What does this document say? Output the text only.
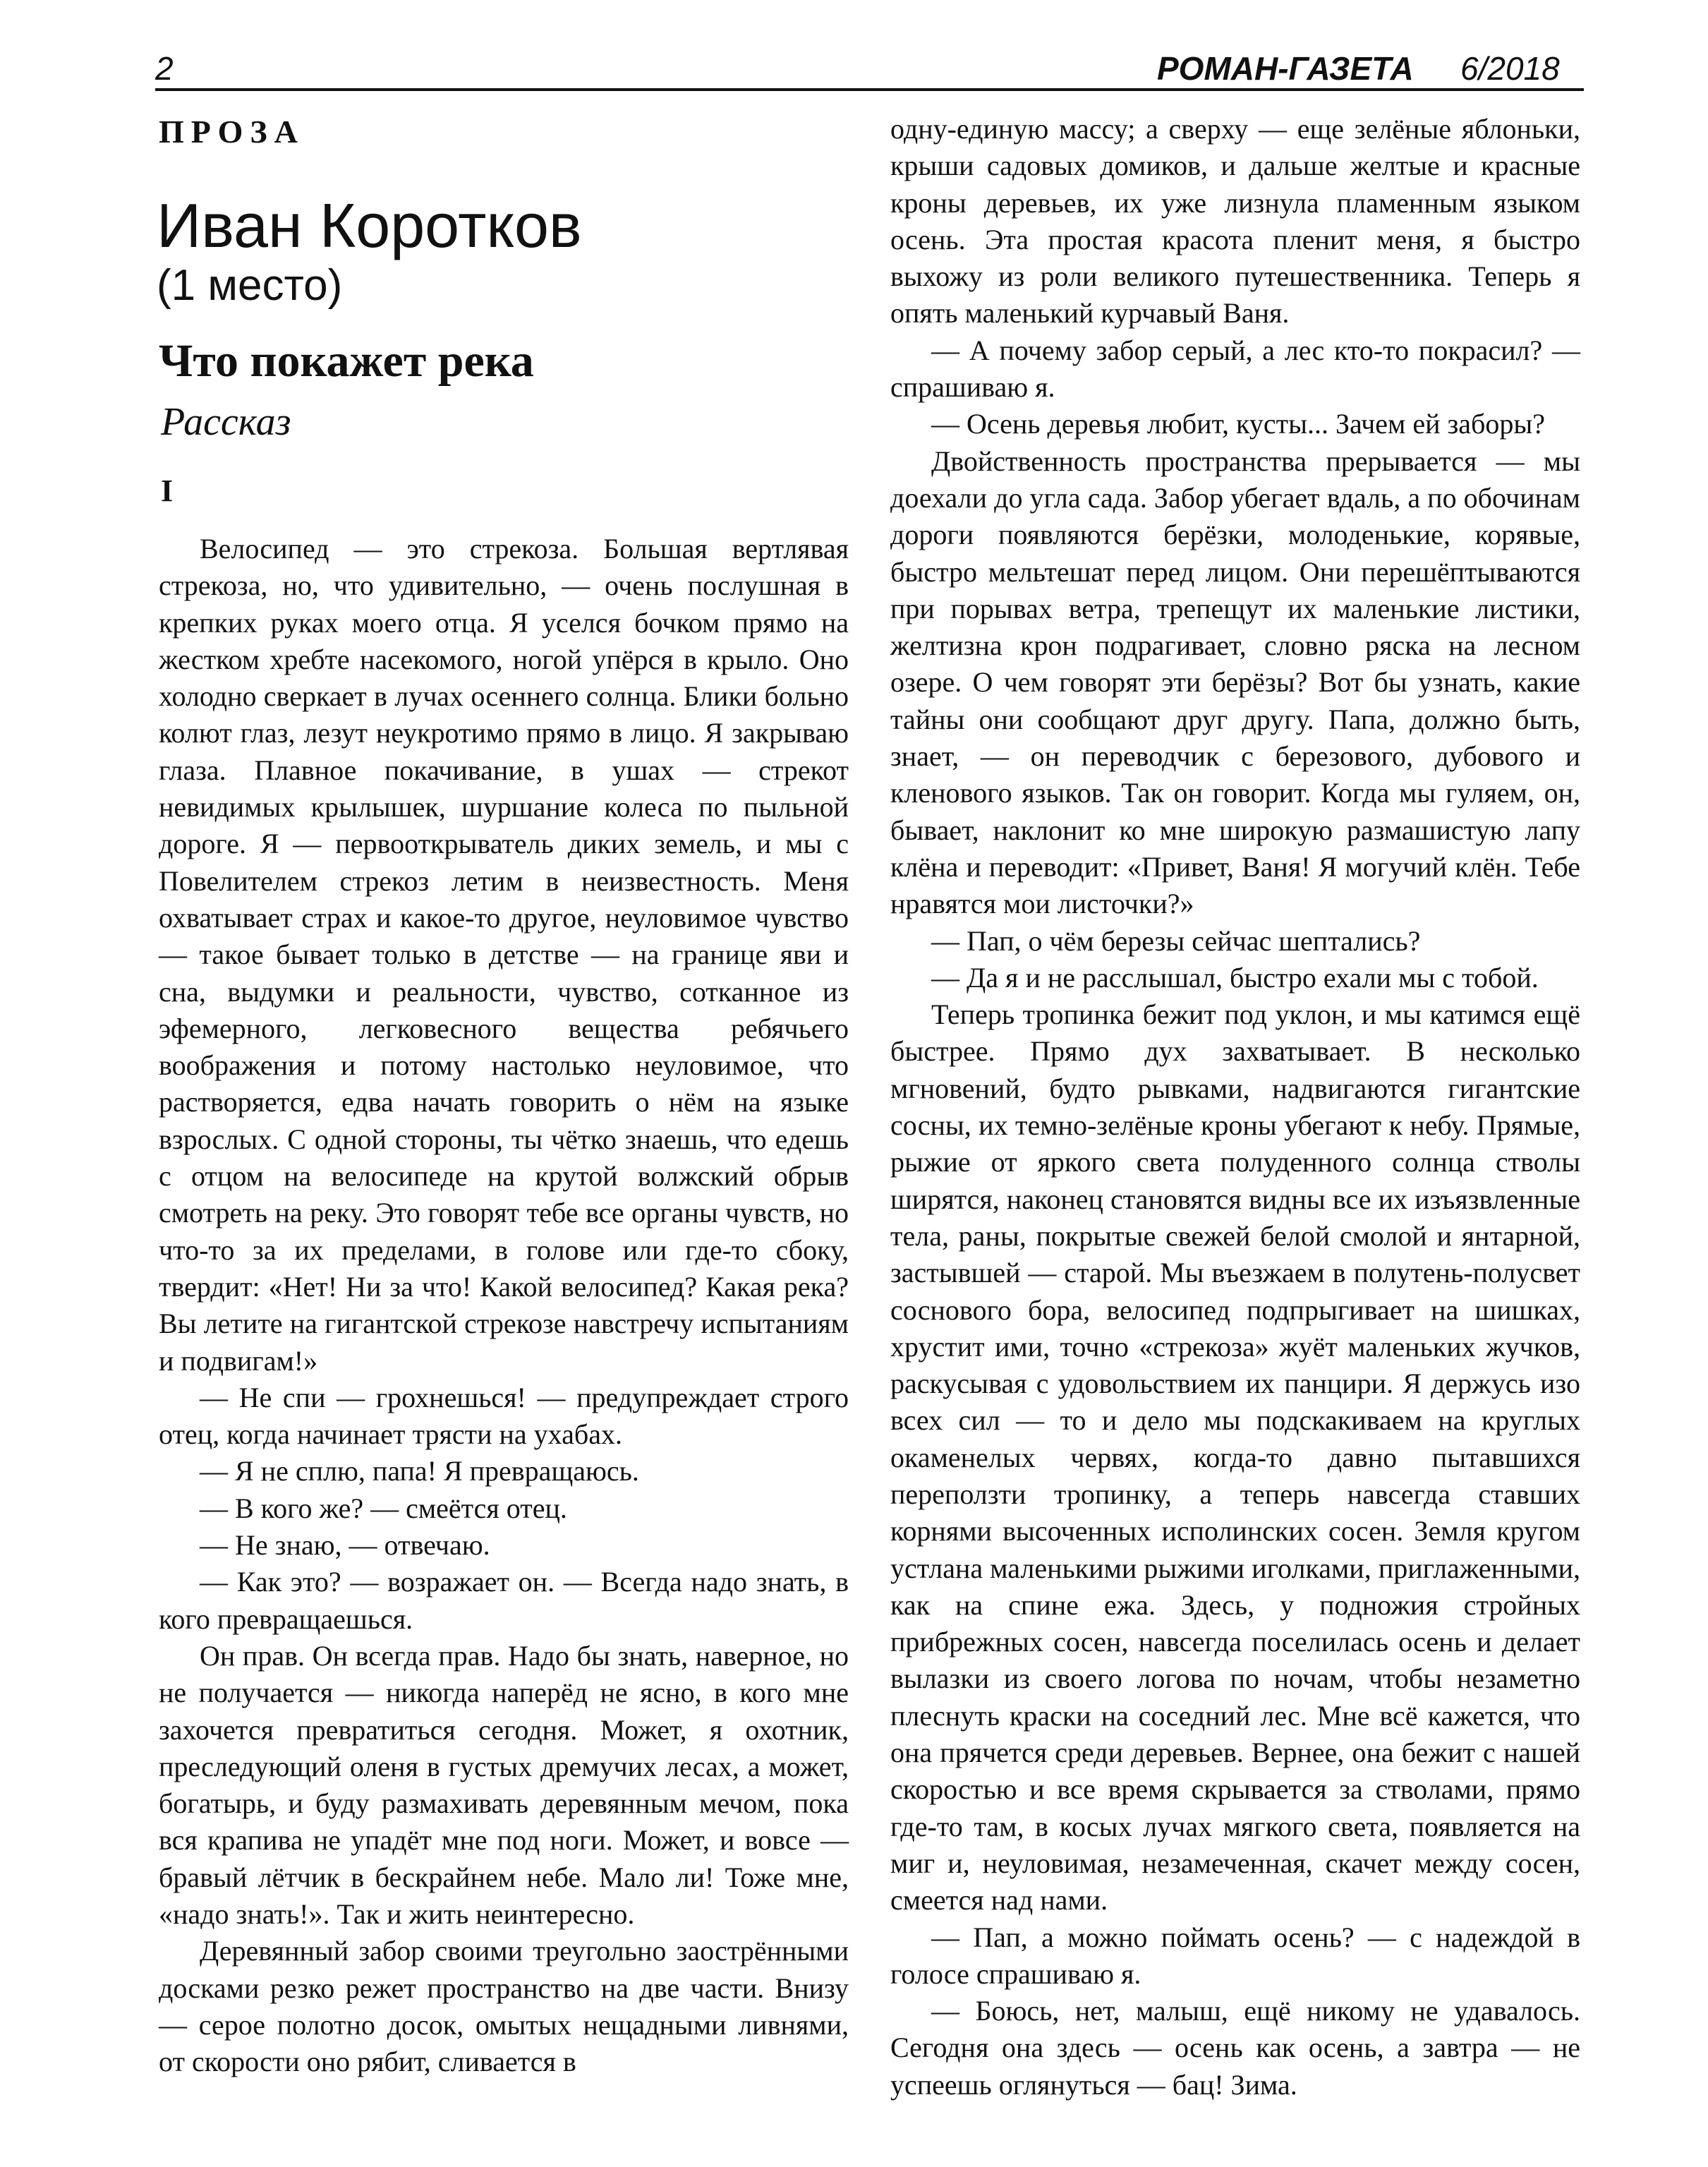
2	РОМАН-ГАЗЕТА 6/2018
ПРОЗА
Иван Коротков
(1 место)
Что покажет река
Рассказ
I

Велосипед — это стрекоза. Большая вертлявая стрекоза, но, что удивительно, — очень послушная в крепких руках моего отца. Я уселся бочком прямо на жестком хребте насекомого, ногой упёрся в крыло. Оно холодно сверкает в лучах осеннего солнца. Блики больно колют глаз, лезут неукротимо прямо в лицо. Я закрываю глаза. Плавное покачивание, в ушах — стрекот невидимых крылышек, шуршание колеса по пыльной дороге. Я — первооткрыватель диких земель, и мы с Повелителем стрекоз летим в неизвестность. Меня охватывает страх и какое-то другое, неуловимое чувство — такое бывает только в детстве — на границе яви и сна, выдумки и реальности, чувство, сотканное из эфемерного, легковесного вещества ребячьего воображения и потому настолько неуловимое, что растворяется, едва начать говорить о нём на языке взрослых. С одной стороны, ты чётко знаешь, что едешь с отцом на велосипеде на крутой волжский обрыв смотреть на реку. Это говорят тебе все органы чувств, но что-то за их пределами, в голове или где-то сбоку, твердит: «Нет! Ни за что! Какой велосипед? Какая река? Вы летите на гигантской стрекозе навстречу испытаниям и подвигам!»

— Не спи — грохнешься! — предупреждает строго отец, когда начинает трясти на ухабах.

— Я не сплю, папа! Я превращаюсь.

— В кого же? — смеётся отец.

— Не знаю, — отвечаю.

— Как это? — возражает он. — Всегда надо знать, в кого превращаешься.

Он прав. Он всегда прав. Надо бы знать, наверное, но не получается — никогда наперёд не ясно, в кого мне захочется превратиться сегодня. Может, я охотник, преследующий оленя в густых дремучих лесах, а может, богатырь, и буду размахивать деревянным мечом, пока вся крапива не упадёт мне под ноги. Может, и вовсе — бравый лётчик в бескрайнем небе. Мало ли! Тоже мне, «надо знать!». Так и жить неинтересно.

Деревянный забор своими треугольно заострёнными досками резко режет пространство на две части. Внизу — серое полотно досок, омытых нещадными ливнями, от скорости оно рябит, сливается в

одну-единую массу; а сверху — еще зелёные яблоньки, крыши садовых домиков, и дальше желтые и красные кроны деревьев, их уже лизнула пламенным языком осень. Эта простая красота пленит меня, я быстро выхожу из роли великого путешественника. Теперь я опять маленький курчавый Ваня.

— А почему забор серый, а лес кто-то покрасил? — спрашиваю я.

— Осень деревья любит, кусты... Зачем ей заборы?

Двойственность пространства прерывается — мы доехали до угла сада. Забор убегает вдаль, а по обочинам дороги появляются берёзки, молоденькие, корявые, быстро мельтешат перед лицом. Они перешёптываются при порывах ветра, трепещут их маленькие листики, желтизна крон подрагивает, словно ряска на лесном озере. О чем говорят эти берёзы? Вот бы узнать, какие тайны они сообщают друг другу. Папа, должно быть, знает, — он переводчик с березового, дубового и кленового языков. Так он говорит. Когда мы гуляем, он, бывает, наклонит ко мне широкую размашистую лапу клёна и переводит: «Привет, Ваня! Я могучий клён. Тебе нравятся мои листочки?»

— Пап, о чём березы сейчас шептались?

— Да я и не расслышал, быстро ехали мы с тобой.

Теперь тропинка бежит под уклон, и мы катимся ещё быстрее. Прямо дух захватывает. В несколько мгновений, будто рывками, надвигаются гигантские сосны, их темно-зелёные кроны убегают к небу. Прямые, рыжие от яркого света полуденного солнца стволы ширятся, наконец становятся видны все их изъязвленные тела, раны, покрытые свежей белой смолой и янтарной, застывшей — старой. Мы въезжаем в полутень-полусвет соснового бора, велосипед подпрыгивает на шишках, хрустит ими, точно «стрекоза» жуёт маленьких жучков, раскусывая с удовольствием их панцири. Я держусь изо всех сил — то и дело мы подскакиваем на круглых окаменелых червях, когда-то давно пытавшихся переползти тропинку, а теперь навсегда ставших корнями высоченных исполинских сосен. Земля кругом устлана маленькими рыжими иголками, приглаженными, как на спине ежа. Здесь, у подножия стройных прибрежных сосен, навсегда поселилась осень и делает вылазки из своего логова по ночам, чтобы незаметно плеснуть краски на соседний лес. Мне всё кажется, что она прячется среди деревьев. Вернее, она бежит с нашей скоростью и все время скрывается за стволами, прямо где-то там, в косых лучах мягкого света, появляется на миг и, неуловимая, незамеченная, скачет между сосен, смеется над нами.

— Пап, а можно поймать осень? — с надеждой в голосе спрашиваю я.

— Боюсь, нет, малыш, ещё никому не удавалось. Сегодня она здесь — осень как осень, а завтра — не успеешь оглянуться — бац! Зима.
